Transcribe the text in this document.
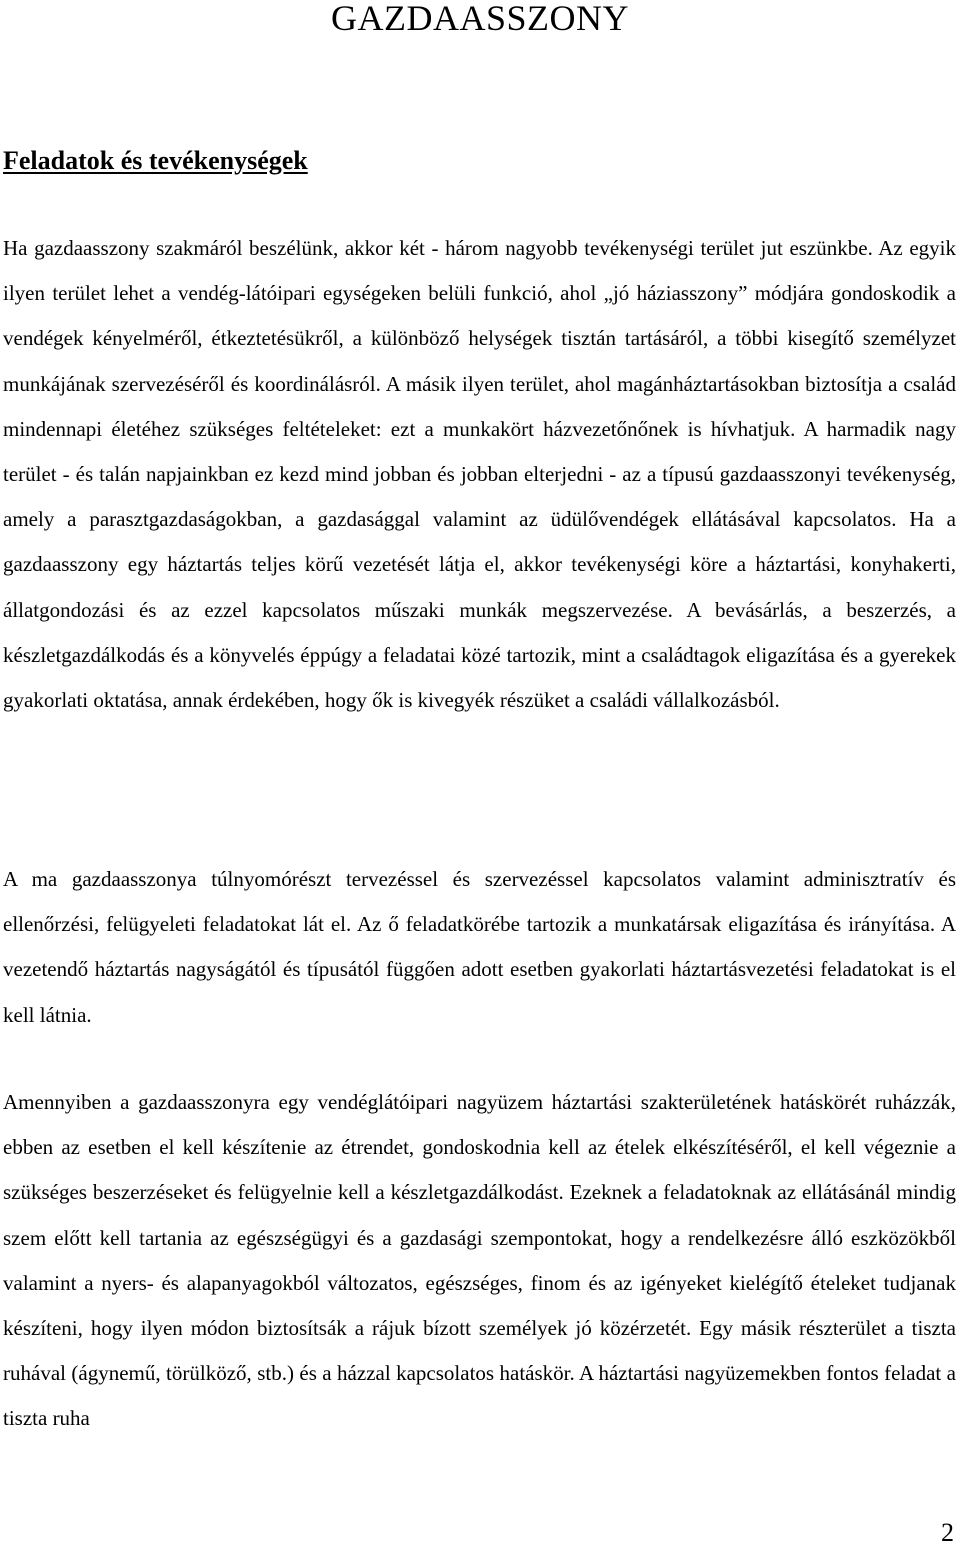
GAZDAASSZONY
Feladatok és tevékenységek

Ha gazdaasszony szakmáról beszélünk, akkor két - három nagyobb tevékenységi terület jut eszünkbe. Az egyik ilyen terület lehet a vendég-látóipari egységeken belüli funkció, ahol „jó háziasszony” módjára gondoskodik a vendégek kényelméről, étkeztetésükről, a különböző helységek tisztán tartásáról, a többi kisegítő személyzet munkájának szervezéséről és koordinálásról. A másik ilyen terület, ahol magánháztartásokban biztosítja a család mindennapi életéhez szükséges feltételeket: ezt a munkakört házvezetőnőnek is hívhatjuk. A harmadik nagy terület - és talán napjainkban ez kezd mind jobban és jobban elterjedni - az a típusú gazdaasszonyi tevékenység, amely a parasztgazdaságokban, a gazdasággal valamint az üdülővendégek ellátásával kapcsolatos. Ha a gazdaasszony egy háztartás teljes körű vezetését látja el, akkor tevékenységi köre a háztartási, konyhakerti, állatgondozási és az ezzel kapcsolatos műszaki munkák megszervezése. A bevásárlás, a beszerzés, a készletgazdálkodás és a könyvelés éppúgy a feladatai közé tartozik, mint a családtagok eligazítása és a gyerekek gyakorlati oktatása, annak érdekében, hogy ők is kivegyék részüket a családi vállalkozásból.

A ma gazdaasszonya túlnyomórészt tervezéssel és szervezéssel kapcsolatos valamint adminisztratív és ellenőrzési, felügyeleti feladatokat lát el. Az ő feladatkörébe tartozik a munkatársak eligazítása és irányítása. A vezetendő háztartás nagyságától és típusától függően adott esetben gyakorlati háztartásvezetési feladatokat is el kell látnia.

Amennyiben a gazdaasszonyra egy vendéglátóipari nagyüzem háztartási szakterületének hatáskörét ruházzák, ebben az esetben el kell készítenie az étrendet, gondoskodnia kell az ételek elkészítéséről, el kell végeznie a szükséges beszerzéseket és felügyelnie kell a készletgazdálkodást. Ezeknek a feladatoknak az ellátásánál mindig szem előtt kell tartania az egészségügyi és a gazdasági szempontokat, hogy a rendelkezésre álló eszközökből valamint a nyers- és alapanyagokból változatos, egészséges, finom és az igényeket kielégítő ételeket tudjanak készíteni, hogy ilyen módon biztosítsák a rájuk bízott személyek jó közérzetét. Egy másik részterület a tiszta ruhával (ágynemű, törülköző, stb.) és a házzal kapcsolatos hatáskör. A háztartási nagyüzemekben fontos feladat a tiszta ruha

2
